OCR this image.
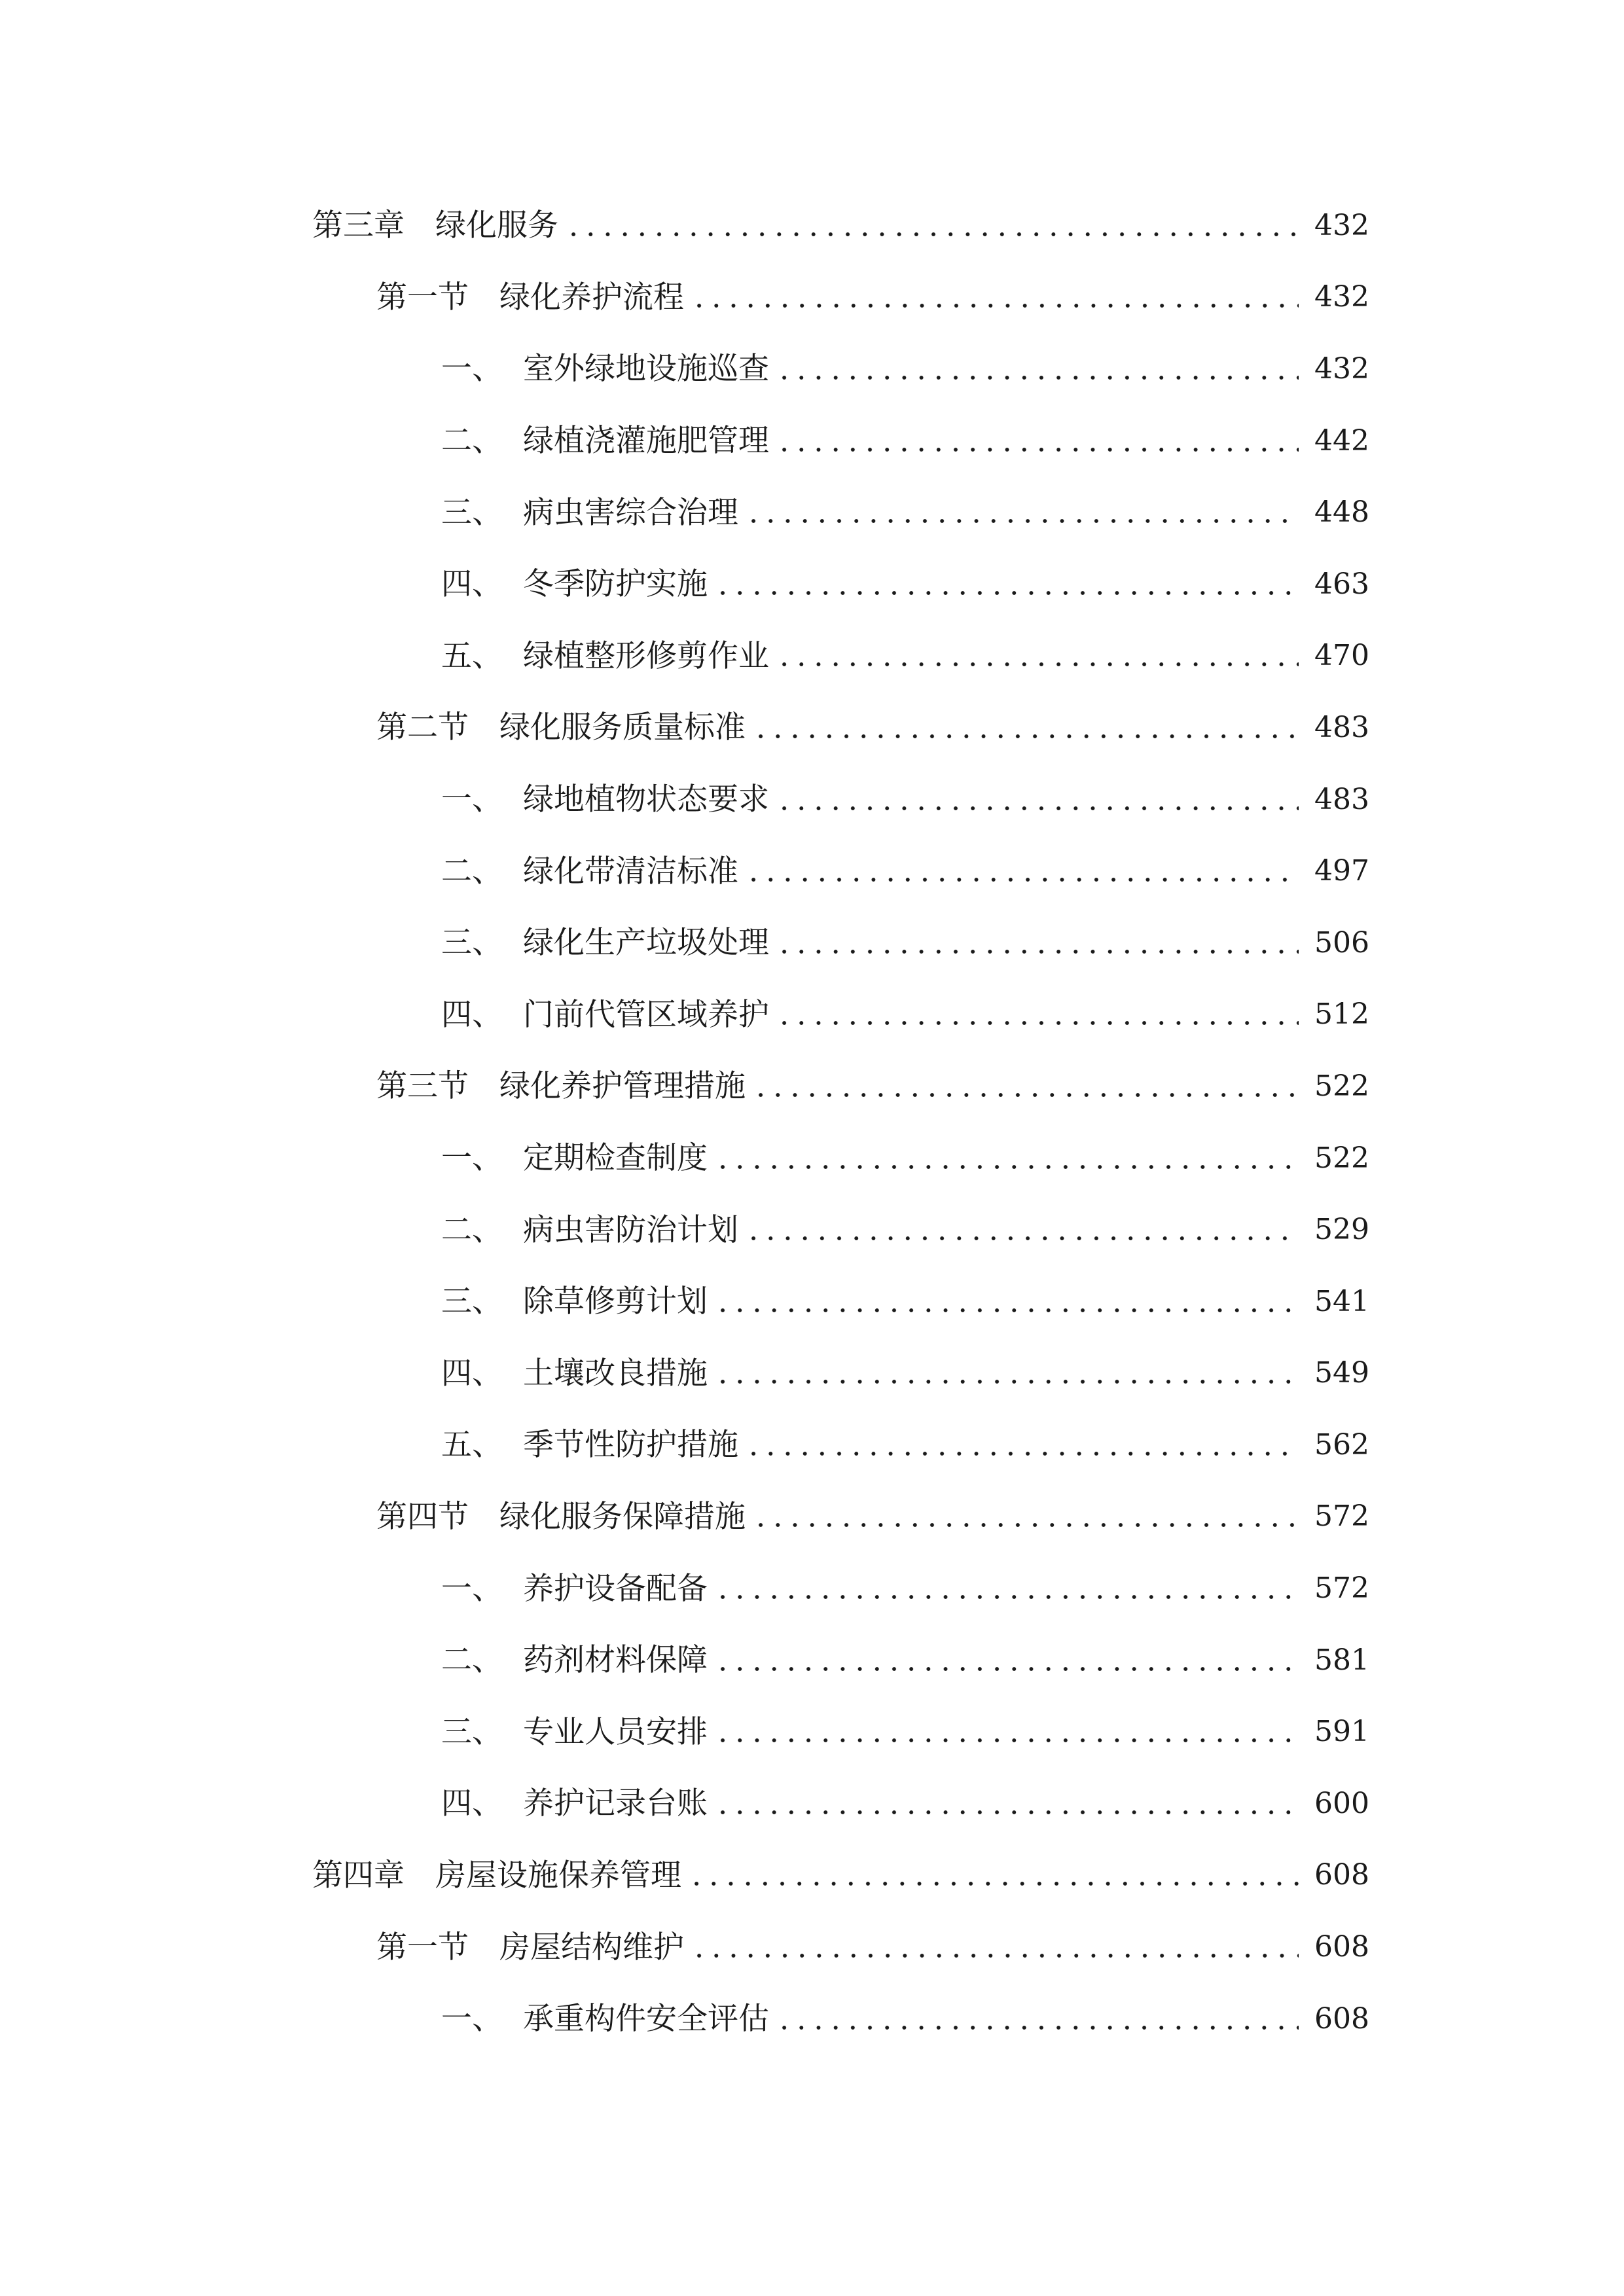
第三章	绿化服务	432
第一节	绿化养护流程	432
一、 室外绿地设施巡查	432
二、 绿植浇灌施肥管理	442
三、 病虫害综合治理	448
四、 冬季防护实施	463
五、 绿植整形修剪作业	470
第二节	绿化服务质量标准	483
一、 绿地植物状态要求	483
二、 绿化带清洁标准	497
三、 绿化生产垃圾处理	506
四、 门前代管区域养护	512
第三节	绿化养护管理措施	522
一、 定期检查制度	522
二、 病虫害防治计划	529
三、 除草修剪计划	541
四、 土壤改良措施	549
五、 季节性防护措施	562
第四节	绿化服务保障措施	572
一、 养护设备配备	572
二、 药剂材料保障	581
三、 专业人员安排	591
四、 养护记录台账	600
第四章	房屋设施保养管理	608
第一节	房屋结构维护	608
一、 承重构件安全评估	608
